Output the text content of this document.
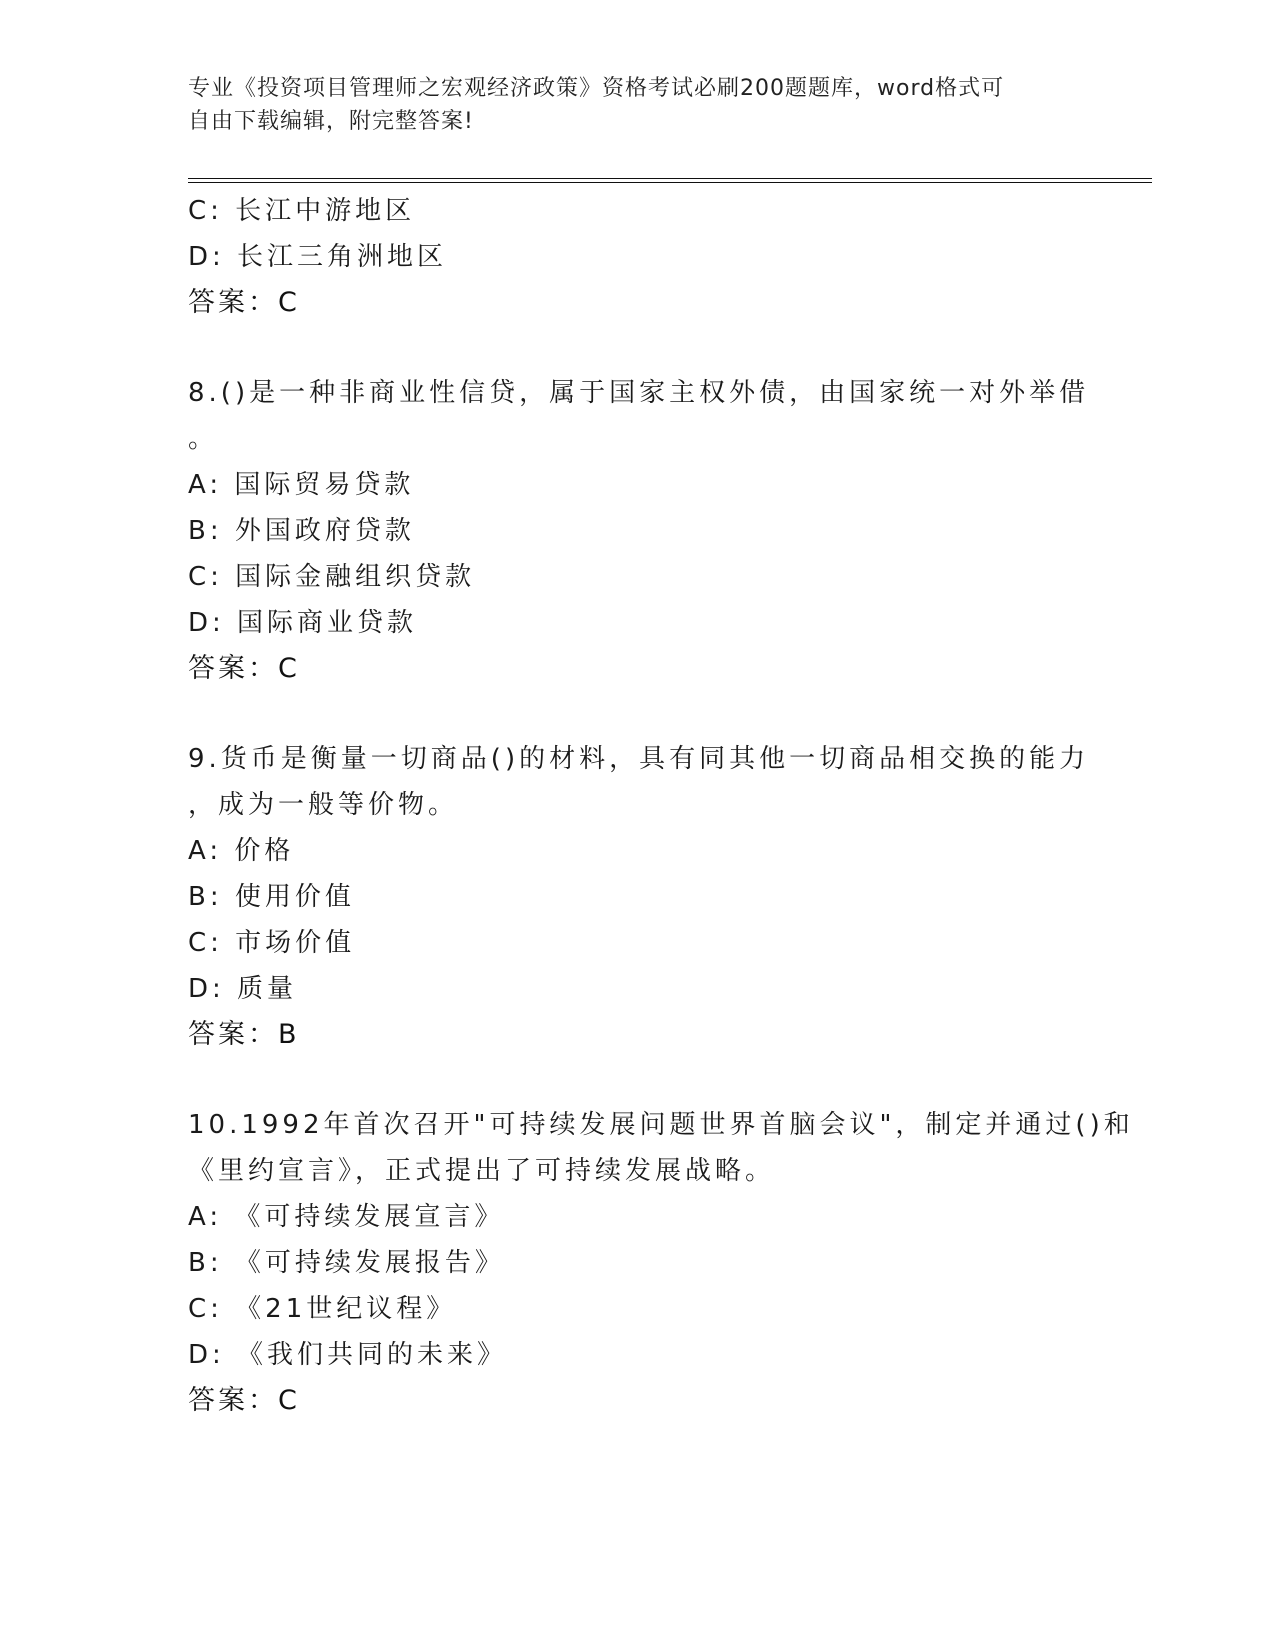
专业《投资项目管理师之宏观经济政策》资格考试必刷200题题库，word格式可
自由下载编辑，附完整答案!
C: 长江中游地区
D: 长江三角洲地区
答案：C
8.()是一种非商业性信贷，属于国家主权外债，由国家统一对外举借
。
A: 国际贸易贷款
B: 外国政府贷款
C: 国际金融组织贷款
D: 国际商业贷款
答案：C
9.货币是衡量一切商品()的材料，具有同其他一切商品相交换的能力
，成为一般等价物。
A: 价格
B: 使用价值
C: 市场价值
D: 质量
答案：B
10.1992年首次召开"可持续发展问题世界首脑会议"，制定并通过()和
《里约宣言》，正式提出了可持续发展战略。
A: 《可持续发展宣言》
B: 《可持续发展报告》
C: 《21世纪议程》
D: 《我们共同的未来》
答案：C
